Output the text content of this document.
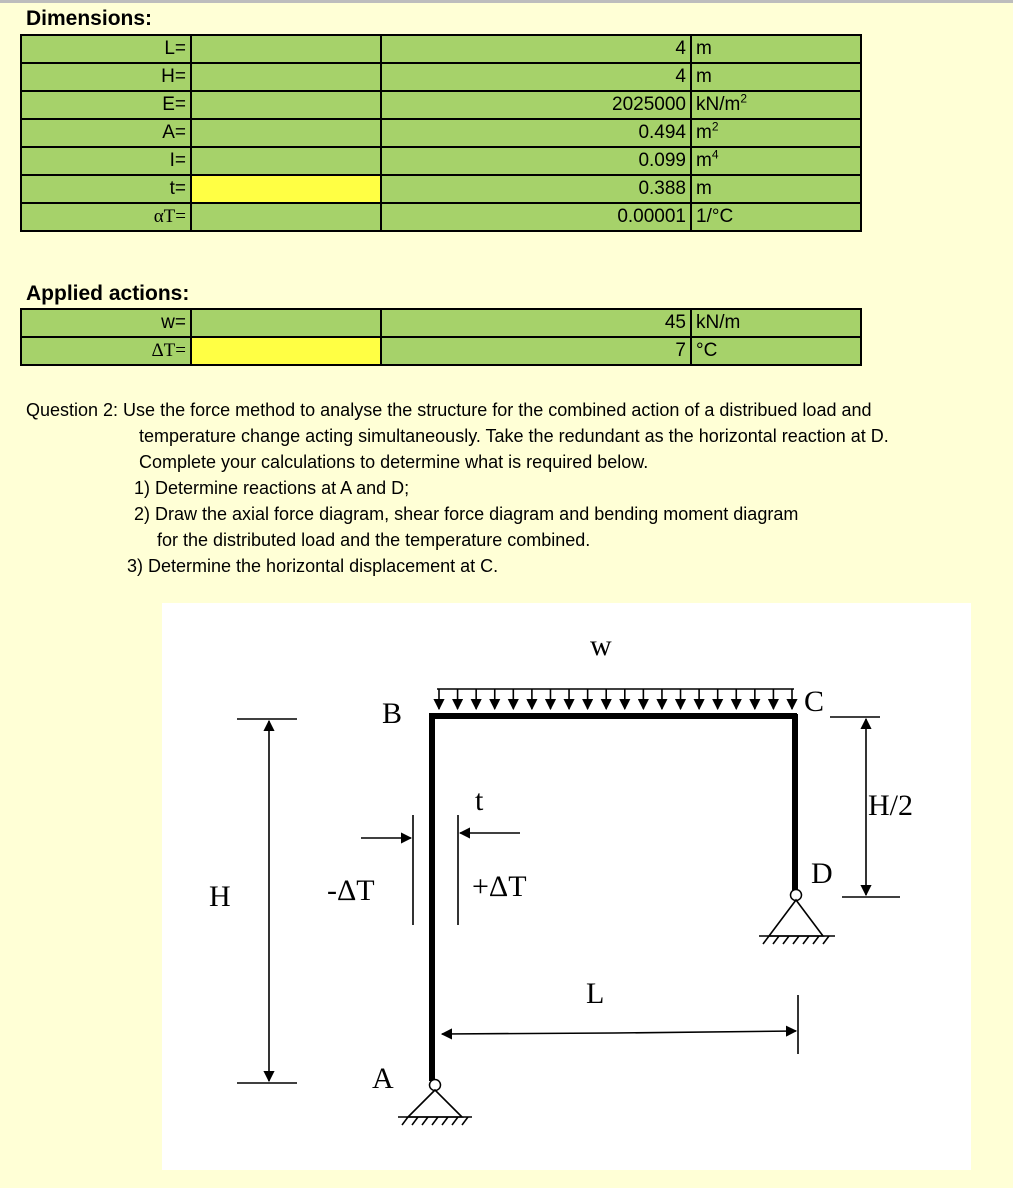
Dimensions:
L=		4	m
H=		4	m
E=		2025000	$kN/m^2$
A=		0.494	$m^2$
I=		0.099	$m^4$
t=		0.388	m
αT=		0.00001	1/°C
Applied actions:
w=		45	kN/m
ΔT=		7	°C
Question 2: Use the force method to analyse the structure for the combined action of a distribued load and
temperature change acting simultaneously. Take the redundant as the horizontal reaction at D.
Complete your calculations to determine what is required below.
1) Determine reactions at A and D;
2) Draw the axial force diagram, shear force diagram and bending moment diagram
for the distributed load and the temperature combined.
3) Determine the horizontal displacement at C.
w
B	C
D
A
H
H/2
t
-ΔT	+ΔT
L
